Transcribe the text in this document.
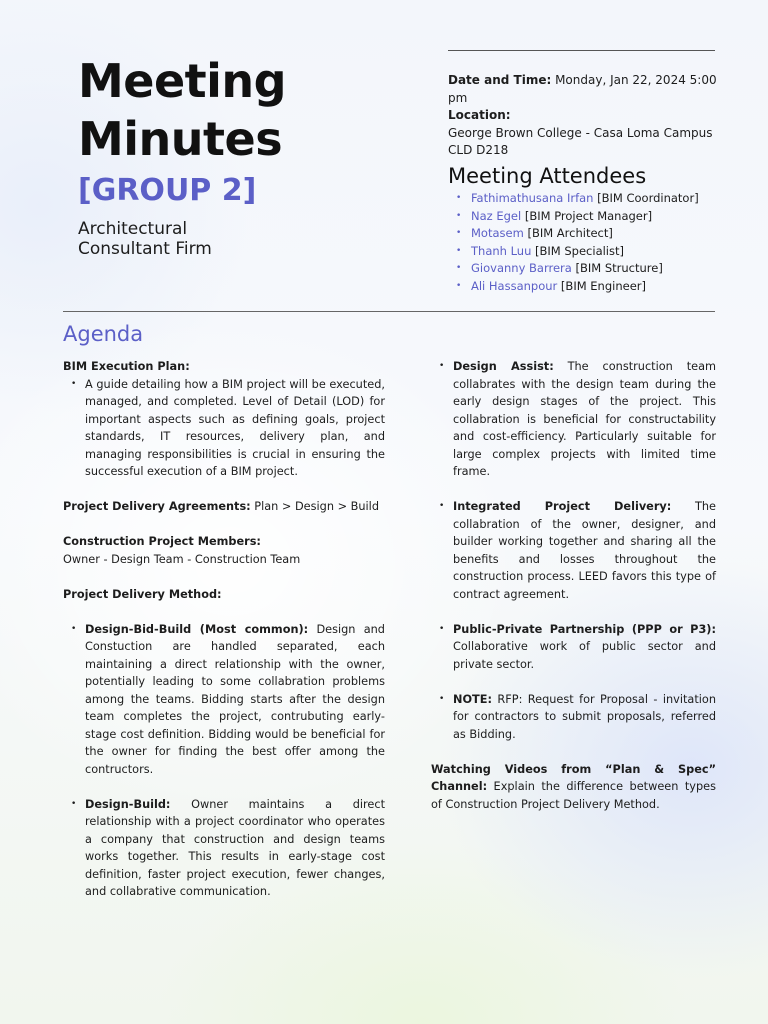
Meeting
Minutes
[GROUP 2]
Architectural
Consultant Firm
Date and Time: Monday, Jan 22, 2024 5:00 pm
Location:
George Brown College - Casa Loma Campus
CLD D218
Meeting Attendees
• Fathimathusana Irfan [BIM Coordinator]
• Naz Egel [BIM Project Manager]
• Motasem [BIM Architect]
• Thanh Luu [BIM Specialist]
• Giovanny Barrera [BIM Structure]
• Ali Hassanpour [BIM Engineer]
Agenda

BIM Execution Plan:

• A guide detailing how a BIM project will be executed, managed, and completed. Level of Detail (LOD) for important aspects such as defining goals, project standards, IT resources, delivery plan, and managing responsibilities is crucial in ensuring the successful execution of a BIM project.

Project Delivery Agreements: Plan > Design > Build

Construction Project Members:

Owner - Design Team - Construction Team

Project Delivery Method:

• Design-Bid-Build (Most common): Design and Constuction are handled separated, each maintaining a direct relationship with the owner, potentially leading to some collabration problems among the teams. Bidding starts after the design team completes the project, contrubuting early-stage cost definition. Bidding would be beneficial for the owner for finding the best offer among the contructors.

• Design-Build: Owner maintains a direct relationship with a project coordinator who operates a company that construction and design teams works together. This results in early-stage cost definition, faster project execution, fewer changes, and collabrative communication.

• Design Assist: The construction team collabrates with the design team during the early design stages of the project. This collabration is beneficial for constructability and cost-efficiency. Particularly suitable for large complex projects with limited time frame.

• Integrated Project Delivery: The collabration of the owner, designer, and builder working together and sharing all the benefits and losses throughout the construction process. LEED favors this type of contract agreement.

• Public-Private Partnership (PPP or P3): Collaborative work of public sector and private sector.

• NOTE: RFP: Request for Proposal - invitation for contractors to submit proposals, referred as Bidding.

Watching Videos from “Plan & Spec” Channel: Explain the difference between types of Construction Project Delivery Method.
